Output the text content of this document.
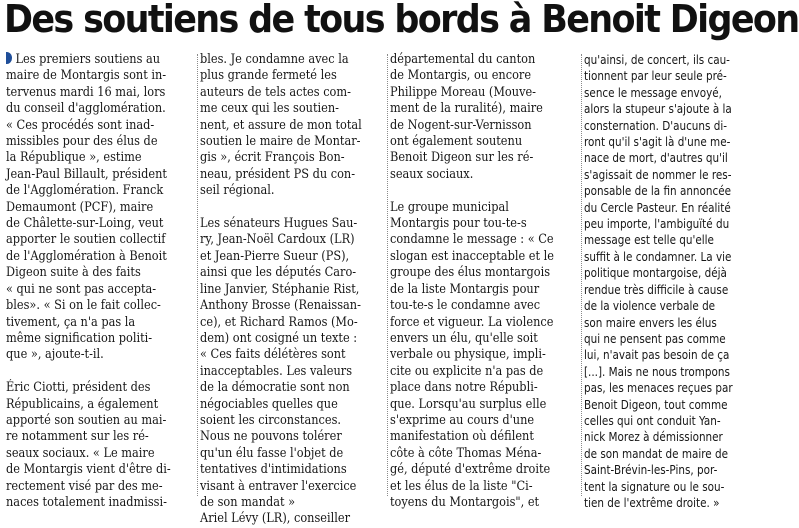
Des soutiens de tous bords à Benoit Digeon
Les premiers soutiens au
maire de Montargis sont in-
tervenus mardi 16 mai, lors
du conseil d'agglomération.
« Ces procédés sont inad-
missibles pour des élus de
la République », estime
Jean-Paul Billault, président
de l'Agglomération. Franck
Demaumont (PCF), maire
de Châlette-sur-Loing, veut
apporter le soutien collectif
de l'Agglomération à Benoit
Digeon suite à des faits
« qui ne sont pas accepta-
bles». « Si on le fait collec-
tivement, ça n'a pas la
même signification politi-
que », ajoute-t-il.

Éric Ciotti, président des
Républicains, a également
apporté son soutien au mai-
re notamment sur les ré-
seaux sociaux. « Le maire
de Montargis vient d'être di-
rectement visé par des me-
naces totalement inadmissi-
bles. Je condamne avec la
plus grande fermeté les
auteurs de tels actes com-
me ceux qui les soutien-
nent, et assure de mon total
soutien le maire de Montar-
gis », écrit François Bon-
neau, président PS du con-
seil régional.

Les sénateurs Hugues Sau-
ry, Jean-Noël Cardoux (LR)
et Jean-Pierre Sueur (PS),
ainsi que les députés Caro-
line Janvier, Stéphanie Rist,
Anthony Brosse (Renaissan-
ce), et Richard Ramos (Mo-
dem) ont cosigné un texte :
« Ces faits délétères sont
inacceptables. Les valeurs
de la démocratie sont non
négociables quelles que
soient les circonstances.
Nous ne pouvons tolérer
qu'un élu fasse l'objet de
tentatives d'intimidations
visant à entraver l'exercice
de son mandat »
Ariel Lévy (LR), conseiller
départemental du canton
de Montargis, ou encore
Philippe Moreau (Mouve-
ment de la ruralité), maire
de Nogent-sur-Vernisson
ont également soutenu
Benoit Digeon sur les ré-
seaux sociaux.

Le groupe municipal
Montargis pour tou-te-s
condamne le message : « Ce
slogan est inacceptable et le
groupe des élus montargois
de la liste Montargis pour
tou-te-s le condamne avec
force et vigueur. La violence
envers un élu, qu'elle soit
verbale ou physique, impli-
cite ou explicite n'a pas de
place dans notre Républi-
que. Lorsqu'au surplus elle
s'exprime au cours d'une
manifestation où défilent
côte à côte Thomas Ména-
gé, député d'extrême droite
et les élus de la liste "Ci-
toyens du Montargois", et
qu'ainsi, de concert, ils cau-
tionnent par leur seule pré-
sence le message envoyé,
alors la stupeur s'ajoute à la
consternation. D'aucuns di-
ront qu'il s'agit là d'une me-
nace de mort, d'autres qu'il
s'agissait de nommer le res-
ponsable de la fin annoncée
du Cercle Pasteur. En réalité
peu importe, l'ambiguïté du
message est telle qu'elle
suffit à le condamner. La vie
politique montargoise, déjà
rendue très difficile à cause
de la violence verbale de
son maire envers les élus
qui ne pensent pas comme
lui, n'avait pas besoin de ça
[...]. Mais ne nous trompons
pas, les menaces reçues par
Benoit Digeon, tout comme
celles qui ont conduit Yan-
nick Morez à démissionner
de son mandat de maire de
Saint-Brévin-les-Pins, por-
tent la signature ou le sou-
tien de l'extrême droite. »
